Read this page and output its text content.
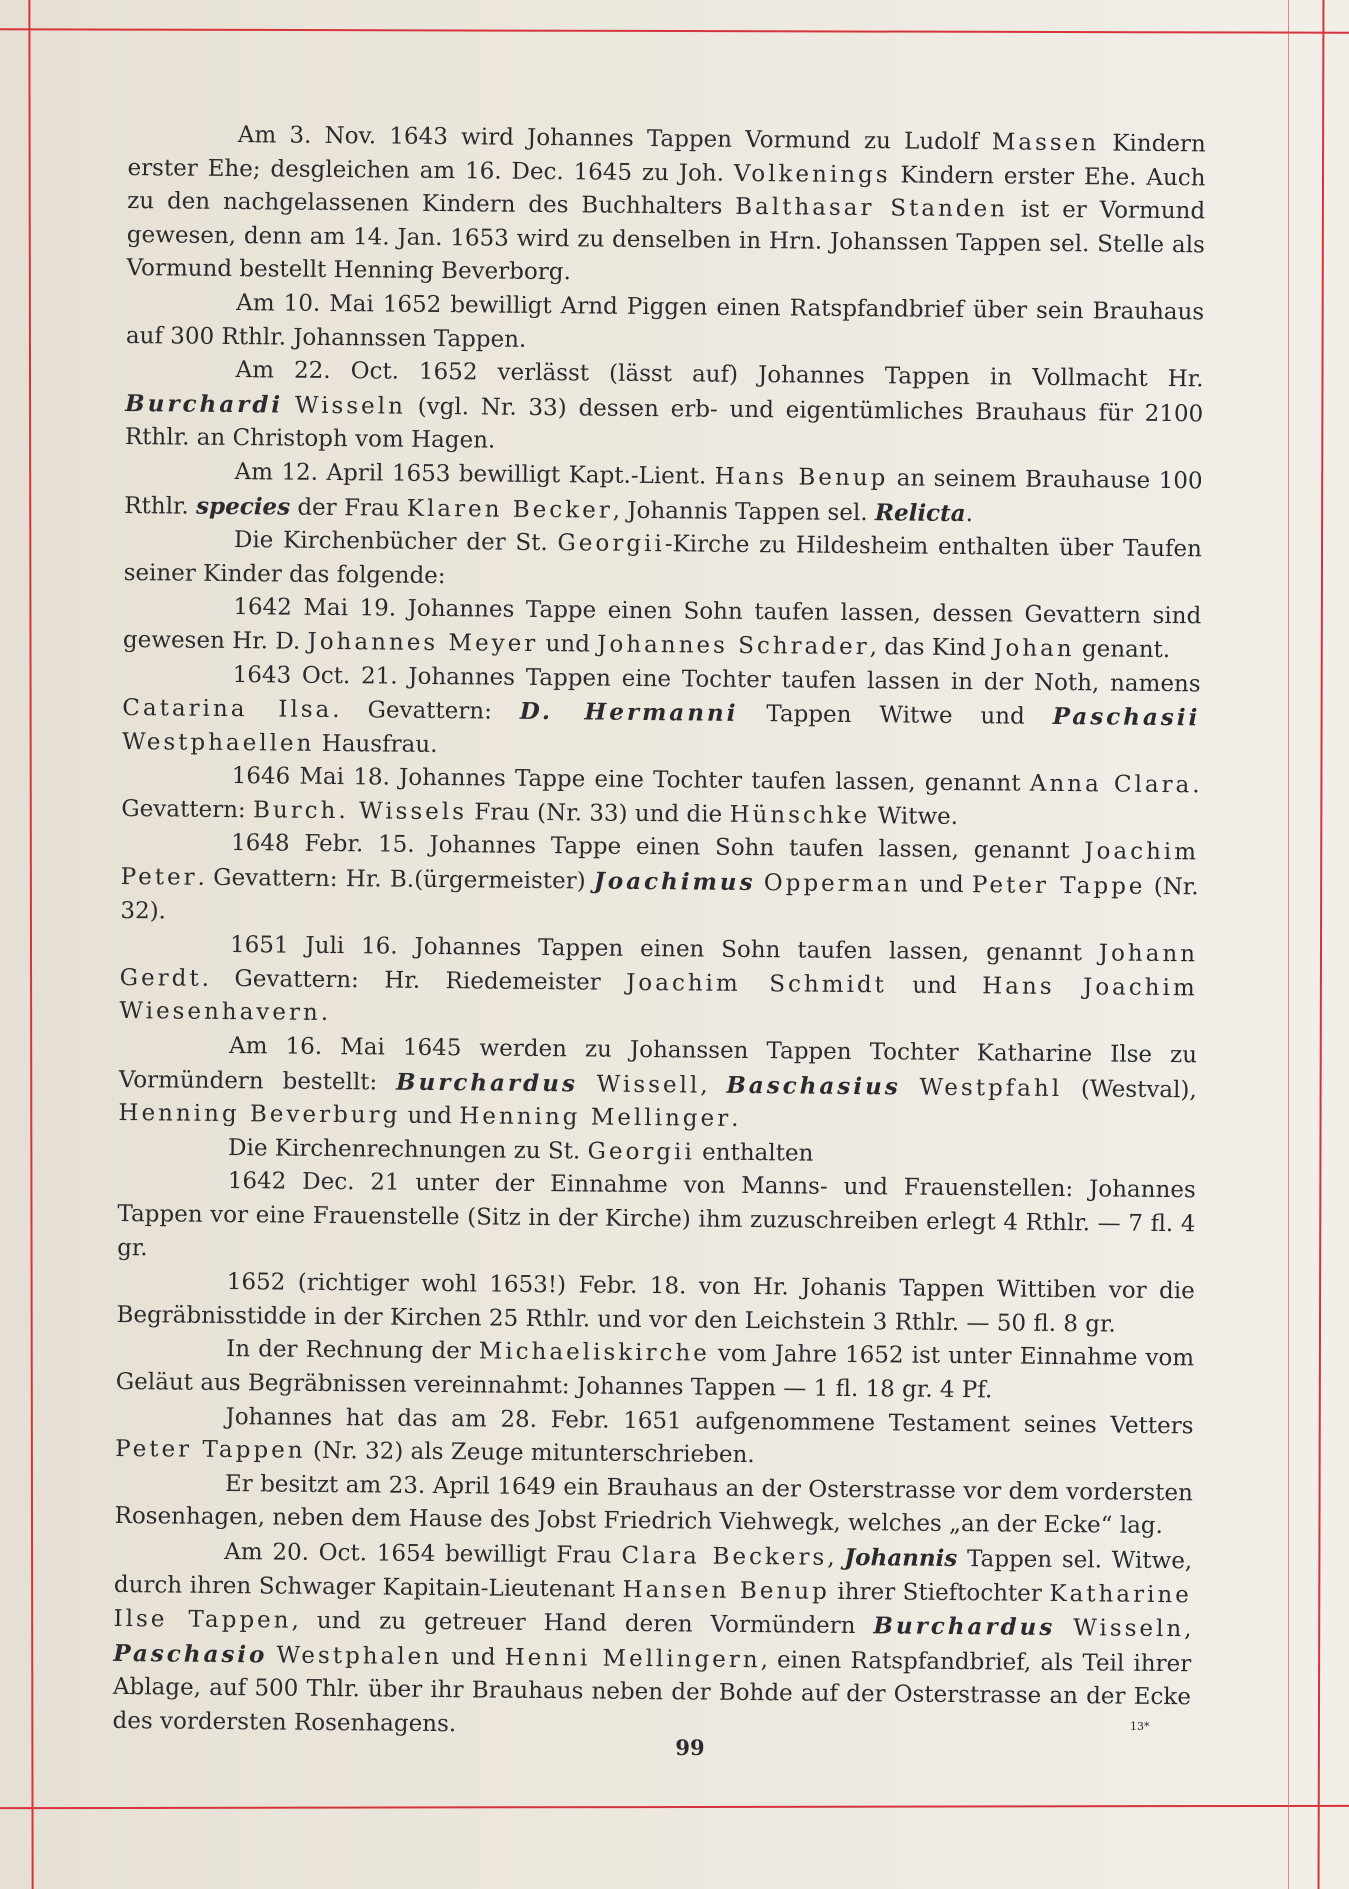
Am 3. Nov. 1643 wird Johannes Tappen Vormund zu Ludolf Massen Kindern erster Ehe; desgleichen am 16. Dec. 1645 zu Joh. Volkenings Kindern erster Ehe. Auch zu den nachgelassenen Kindern des Buchhalters Balthasar Standen ist er Vormund gewesen, denn am 14. Jan. 1653 wird zu denselben in Hrn. Johanssen Tappen sel. Stelle als Vormund bestellt Henning Beverborg.

Am 10. Mai 1652 bewilligt Arnd Piggen einen Ratspfandbrief über sein Brauhaus auf 300 Rthlr. Johannssen Tappen.

Am 22. Oct. 1652 verlässt (lässt auf) Johannes Tappen in Vollmacht Hr. Burchardi Wisseln (vgl. Nr. 33) dessen erb- und eigentümliches Brauhaus für 2100 Rthlr. an Christoph vom Hagen.

Am 12. April 1653 bewilligt Kapt.-Lient. Hans Benup an seinem Brauhause 100 Rthlr. species der Frau Klaren Becker, Johannis Tappen sel. Relicta.

Die Kirchenbücher der St. Georgii-Kirche zu Hildesheim enthalten über Taufen seiner Kinder das folgende:

1642 Mai 19. Johannes Tappe einen Sohn taufen lassen, dessen Gevattern sind gewesen Hr. D. Johannes Meyer und Johannes Schrader, das Kind Johan genant.

1643 Oct. 21. Johannes Tappen eine Tochter taufen lassen in der Noth, namens Catarina Ilsa. Gevattern: D. Hermanni Tappen Witwe und Paschasii Westphaellen Hausfrau.

1646 Mai 18. Johannes Tappe eine Tochter taufen lassen, genannt Anna Clara. Gevattern: Burch. Wissels Frau (Nr. 33) und die Hünschke Witwe.

1648 Febr. 15. Johannes Tappe einen Sohn taufen lassen, genannt Joachim Peter. Gevattern: Hr. B.(ürgermeister) Joachimus Opperman und Peter Tappe (Nr. 32).

1651 Juli 16. Johannes Tappen einen Sohn taufen lassen, genannt Johann Gerdt. Gevattern: Hr. Riedemeister Joachim Schmidt und Hans Joachim Wiesenhavern.

Am 16. Mai 1645 werden zu Johanssen Tappen Tochter Katharine Ilse zu Vormündern bestellt: Burchardus Wissell, Baschasius Westpfahl (Westval), Henning Beverburg und Henning Mellinger.

Die Kirchenrechnungen zu St. Georgii enthalten

1642 Dec. 21 unter der Einnahme von Manns- und Frauenstellen: Johannes Tappen vor eine Frauenstelle (Sitz in der Kirche) ihm zuzuschreiben erlegt 4 Rthlr. — 7 fl. 4 gr.

1652 (richtiger wohl 1653!) Febr. 18. von Hr. Johanis Tappen Wittiben vor die Begräbnisstidde in der Kirchen 25 Rthlr. und vor den Leichstein 3 Rthlr. — 50 fl. 8 gr.

In der Rechnung der Michaeliskirche vom Jahre 1652 ist unter Einnahme vom Geläut aus Begräbnissen vereinnahmt: Johannes Tappen — 1 fl. 18 gr. 4 Pf.

Johannes hat das am 28. Febr. 1651 aufgenommene Testament seines Vetters Peter Tappen (Nr. 32) als Zeuge mitunterschrieben.

Er besitzt am 23. April 1649 ein Brauhaus an der Osterstrasse vor dem vordersten Rosenhagen, neben dem Hause des Jobst Friedrich Viehwegk, welches „an der Ecke“ lag.

Am 20. Oct. 1654 bewilligt Frau Clara Beckers, Johannis Tappen sel. Witwe, durch ihren Schwager Kapitain-Lieutenant Hansen Benup ihrer Stieftochter Katharine Ilse Tappen, und zu getreuer Hand deren Vormündern Burchardus Wisseln, Paschasio Westphalen und Henni Mellingern, einen Ratspfandbrief, als Teil ihrer Ablage, auf 500 Thlr. über ihr Brauhaus neben der Bohde auf der Osterstrasse an der Ecke des vordersten Rosenhagens.

99
13*
